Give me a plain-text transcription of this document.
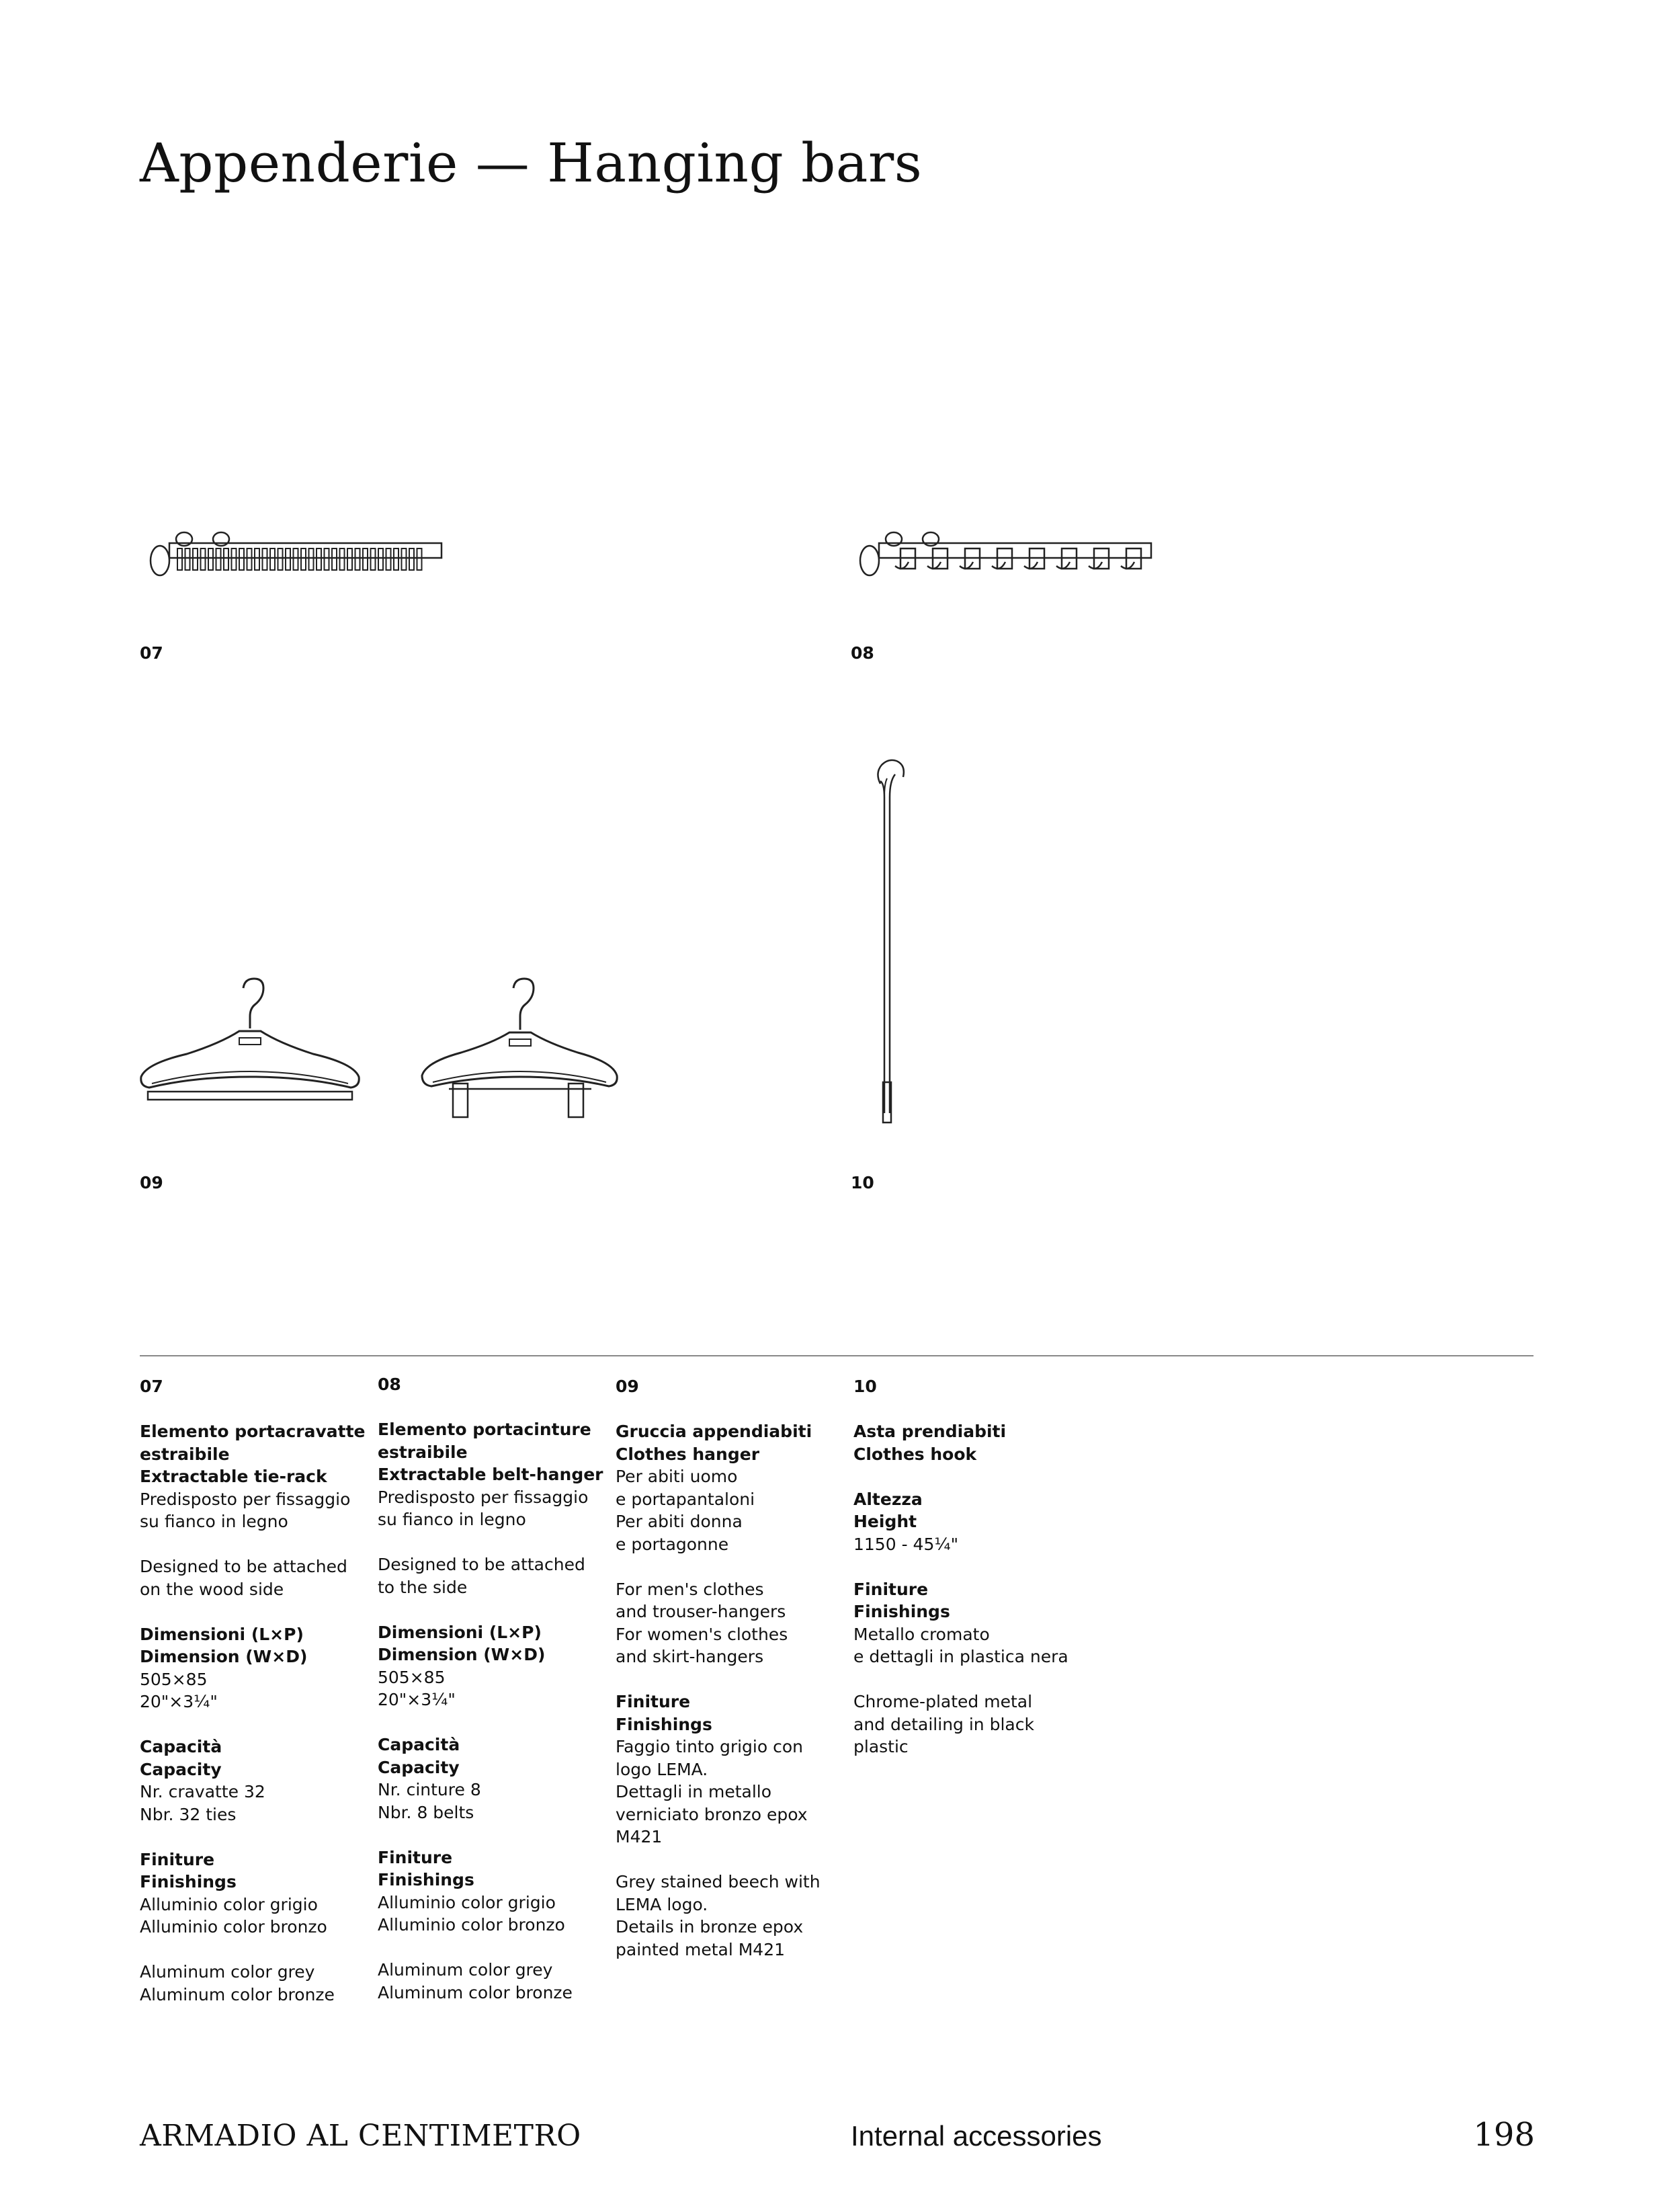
Appenderie — Hanging bars
07	08
09	10
07
Elemento portacravatte
estraibile
Extractable tie-rack
Predisposto per fissaggio
su fianco in legno
Designed to be attached
on the wood side
Dimensioni (L×P)
Dimension (W×D)
505×85
20"×3¼"
Capacità
Capacity
Nr. cravatte 32
Nbr. 32 ties
Finiture
Finishings
Alluminio color grigio
Alluminio color bronzo
Aluminum color grey
Aluminum color bronze
08
Elemento portacinture
estraibile
Extractable belt-hanger
Predisposto per fissaggio
su fianco in legno
Designed to be attached
to the side
Dimensioni (L×P)
Dimension (W×D)
505×85
20"×3¼"
Capacità
Capacity
Nr. cinture 8
Nbr. 8 belts
Finiture
Finishings
Alluminio color grigio
Alluminio color bronzo
Aluminum color grey
Aluminum color bronze
09
Gruccia appendiabiti
Clothes hanger
Per abiti uomo
e portapantaloni
Per abiti donna
e portagonne
For men's clothes
and trouser-hangers
For women's clothes
and skirt-hangers
Finiture
Finishings
Faggio tinto grigio con
logo LEMA.
Dettagli in metallo
verniciato bronzo epox
M421
Grey stained beech with
LEMA logo.
Details in bronze epox
painted metal M421
10
Asta prendiabiti
Clothes hook
Altezza
Height
1150 - 45¼"
Finiture
Finishings
Metallo cromato
e dettagli in plastica nera
Chrome-plated metal
and detailing in black
plastic
ARMADIO AL CENTIMETRO	Internal accessories	198
